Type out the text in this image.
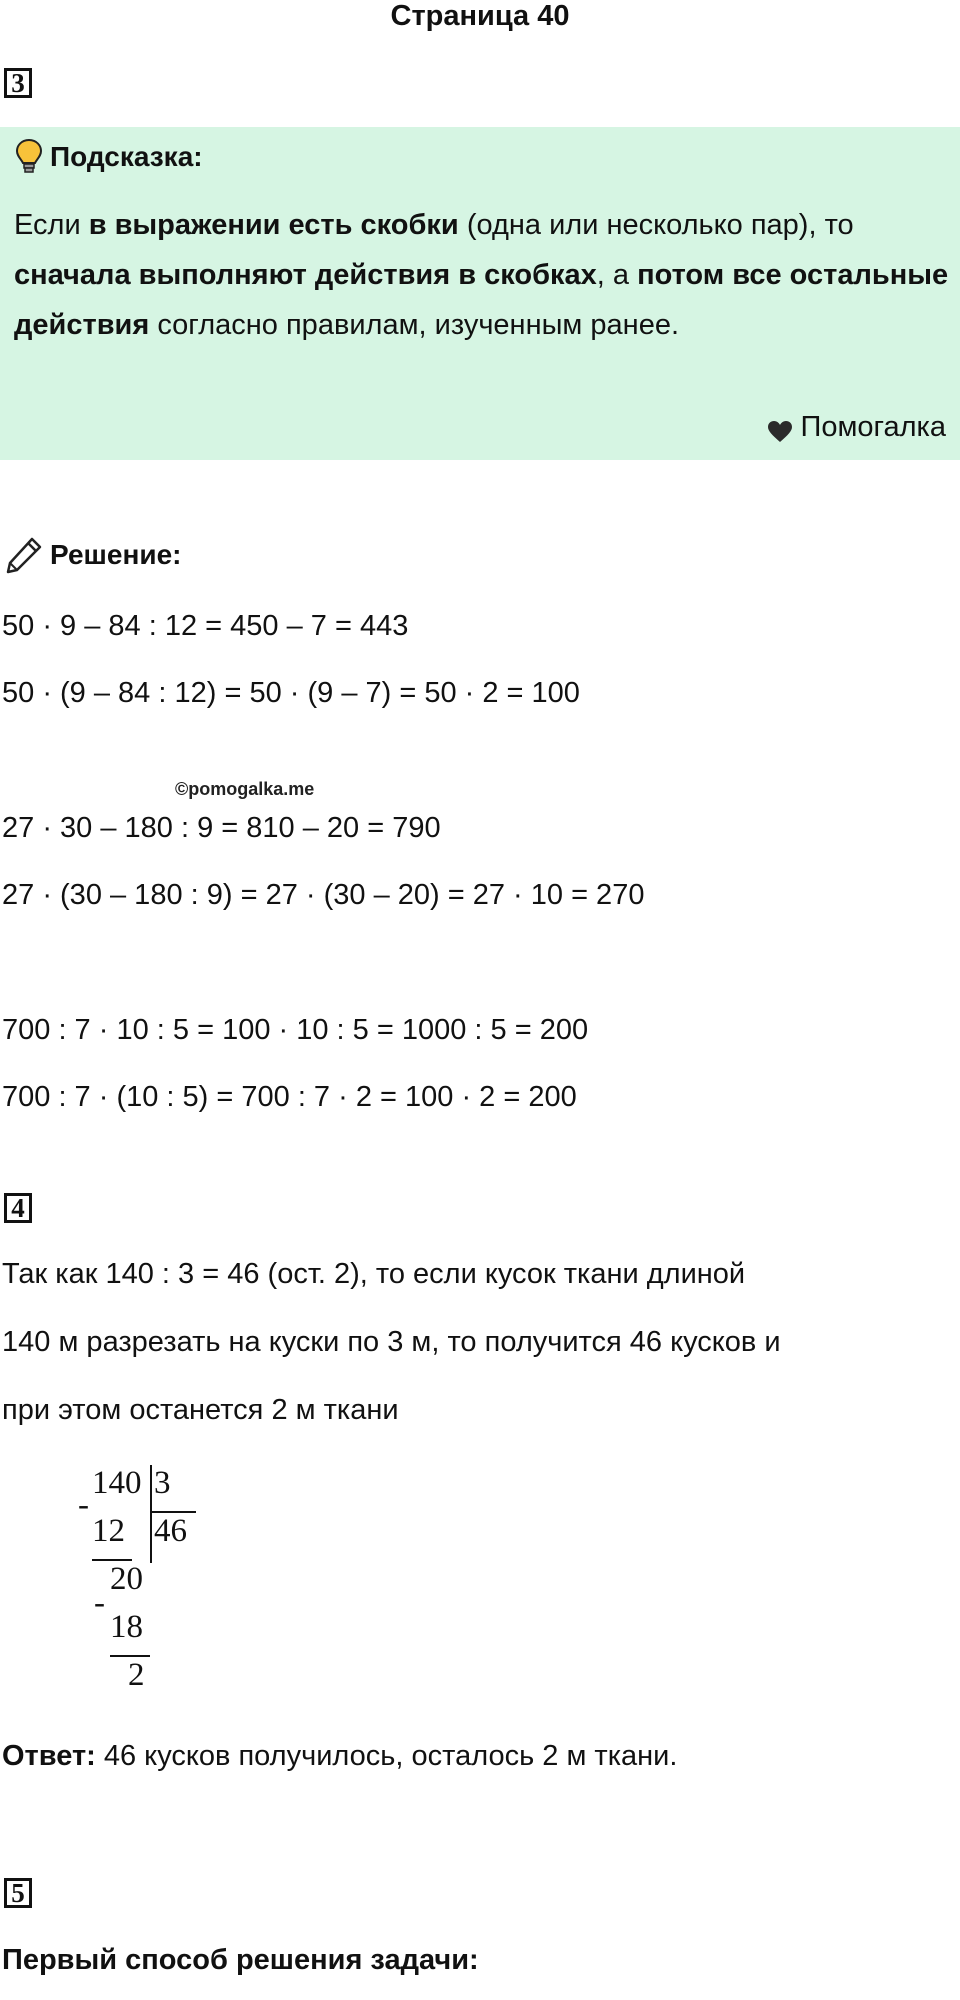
Страница 40
3
Подсказка:
Если в выражении есть скобки (одна или несколько пар), то сначала выполняют действия в скобках, а потом все остальные действия согласно правилам, изученным ранее.
Помогалка
Решение:
50 · 9 – 84 : 12 = 450 – 7 = 443
50 · (9 – 84 : 12) = 50 · (9 – 7) = 50 · 2 = 100
©pomogalka.me
27 · 30 – 180 : 9 = 810 – 20 = 790
27 · (30 – 180 : 9) = 27 · (30 – 20) = 27 · 10 = 270
700 : 7 · 10 : 5 = 100 · 10 : 5 = 1000 : 5 = 200
700 : 7 · (10 : 5) = 700 : 7 · 2 = 100 · 2 = 200
4
Так как 140 : 3 = 46 (ост. 2), то если кусок ткани длиной
140 м разрезать на куски по 3 м, то получится 46 кусков и
при этом останется 2 м ткани
140 3
46
-
12
20
-
18
2
Ответ: 46 кусков получилось, осталось 2 м ткани.
5
Первый способ решения задачи:
